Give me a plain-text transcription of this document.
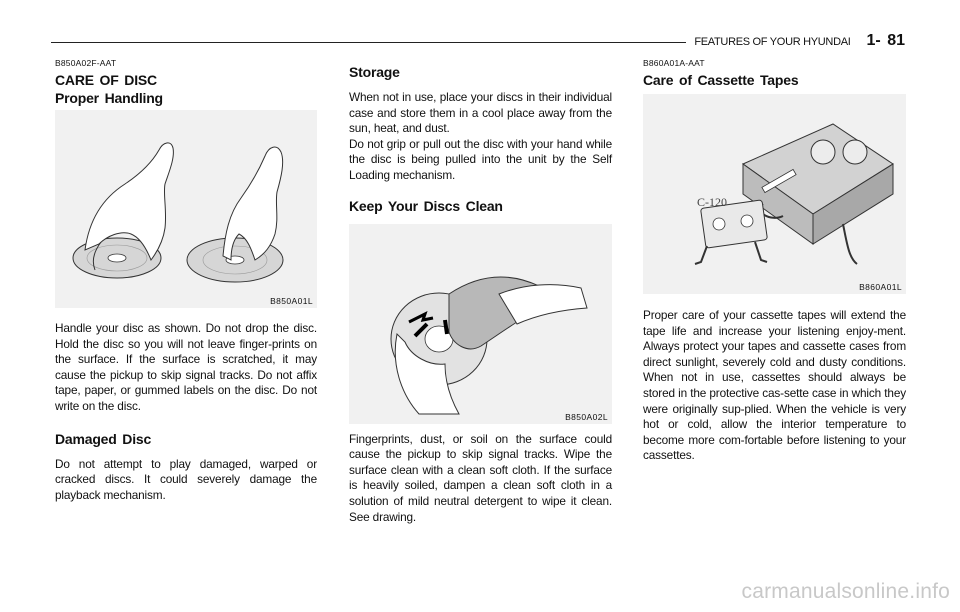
FEATURES OF YOUR HYUNDAI 1- 81
B850A02F-AAT
CARE OF DISC
Proper Handling
B850A01L

Handle your disc as shown. Do not drop the disc. Hold the disc so you will not leave finger-prints on the surface. If the surface is scratched, it may cause the pickup to skip signal tracks. Do not affix tape, paper, or gummed labels on the disc. Do not write on the disc.

Damaged Disc

Do not attempt to play damaged, warped or cracked discs. It could severely damage the playback mechanism.

Storage

When not in use, place your discs in their individual case and store them in a cool place away from the sun, heat, and dust.

Do not grip or pull out the disc with your hand while the disc is being pulled into the unit by the Self Loading mechanism.

Keep Your Discs Clean
B850A02L

Fingerprints, dust, or soil on the surface could cause the pickup to skip signal tracks. Wipe the surface clean with a clean soft cloth. If the surface is heavily soiled, dampen a clean soft cloth in a solution of mild neutral detergent to wipe it clean. See drawing.

B860A01A-AAT
Care of Cassette Tapes
C-120
B860A01L

Proper care of your cassette tapes will extend the tape life and increase your listening enjoy-ment. Always protect your tapes and cassette cases from direct sunlight, severely cold and dusty conditions. When not in use, cassettes should always be stored in the protective cas-sette case in which they were originally sup-plied. When the vehicle is very hot or cold, allow the interior temperature to become more com-fortable before listening to your cassettes.

carmanualsonline.info
